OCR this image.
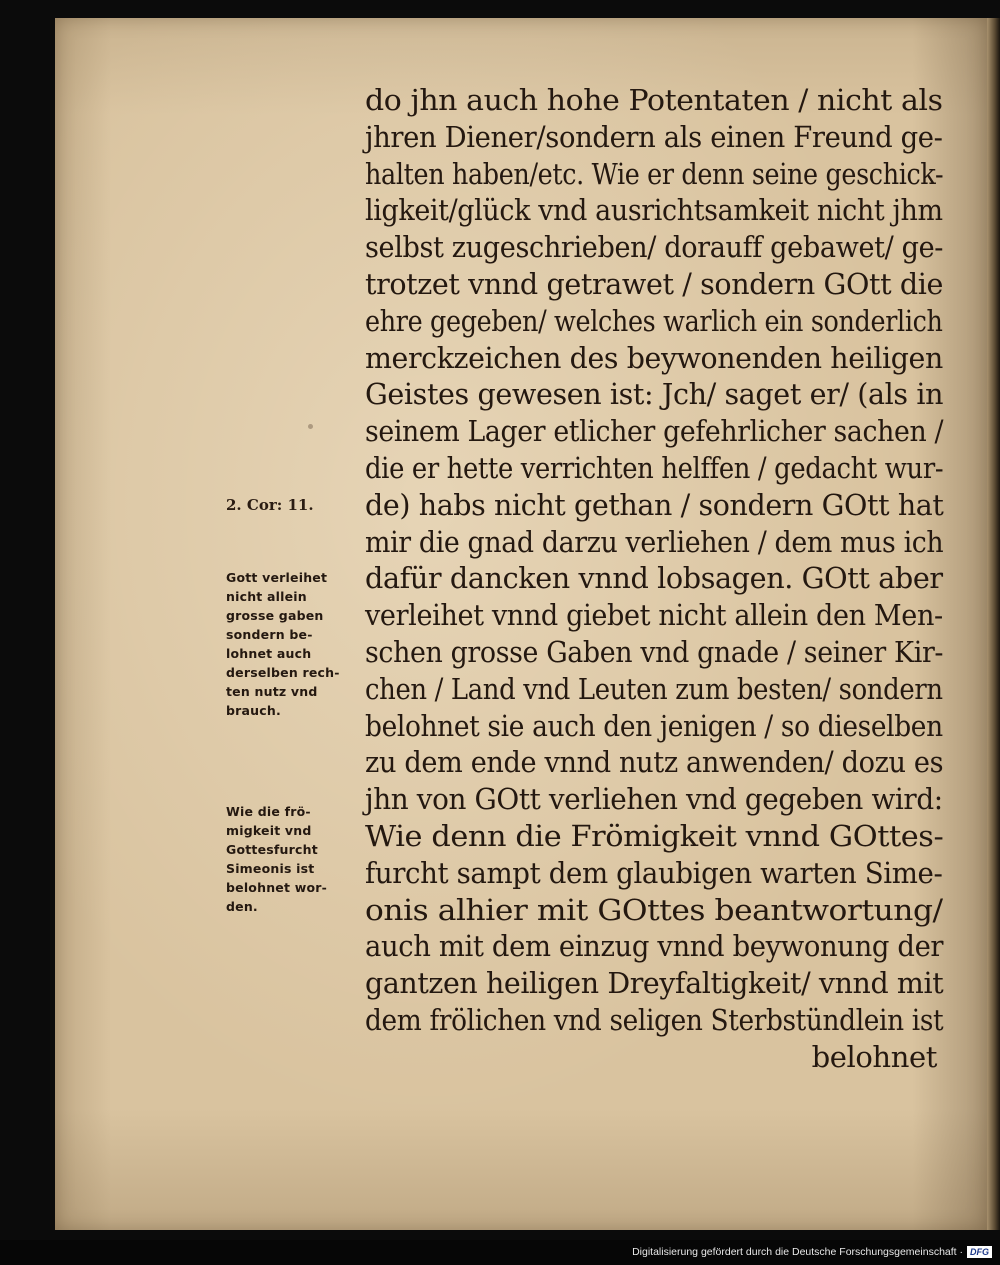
do jhn auch hohe Potentaten / nicht als
jhren Diener/sondern als einen Freund ge-
halten haben/etc. Wie er denn seine geschick-
ligkeit/glück vnd ausrichtsamkeit nicht jhm
selbst zugeschrieben/ dorauff gebawet/ ge-
trotzet vnnd getrawet / sondern GOtt die
ehre gegeben/ welches warlich ein sonderlich
merckzeichen des beywonenden heiligen
Geistes gewesen ist: Jch/ saget er/ (als in
seinem Lager etlicher gefehrlicher sachen /
die er hette verrichten helffen / gedacht wur-
de) habs nicht gethan / sondern GOtt hat
mir die gnad darzu verliehen / dem mus ich
dafür dancken vnnd lobsagen. GOtt aber
verleihet vnnd giebet nicht allein den Men-
schen grosse Gaben vnd gnade / seiner Kir-
chen / Land vnd Leuten zum besten/ sondern
belohnet sie auch den jenigen / so dieselben
zu dem ende vnnd nutz anwenden/ dozu es
jhn von GOtt verliehen vnd gegeben wird:
Wie denn die Frömigkeit vnnd GOttes-
furcht sampt dem glaubigen warten Sime-
onis alhier mit GOttes beantwortung/
auch mit dem einzug vnnd beywonung der
gantzen heiligen Dreyfaltigkeit/ vnnd mit
dem frölichen vnd seligen Sterbstündlein ist
belohnet
2. Cor: 11.
Gott verleihet
nicht allein
grosse gaben
sondern be-
lohnet auch
derselben rech-
ten nutz vnd
brauch.
Wie die frö-
migkeit vnd
Gottesfurcht
Simeonis ist
belohnet wor-
den.
Digitalisierung gefördert durch die Deutsche Forschungsgemeinschaft · DFG
